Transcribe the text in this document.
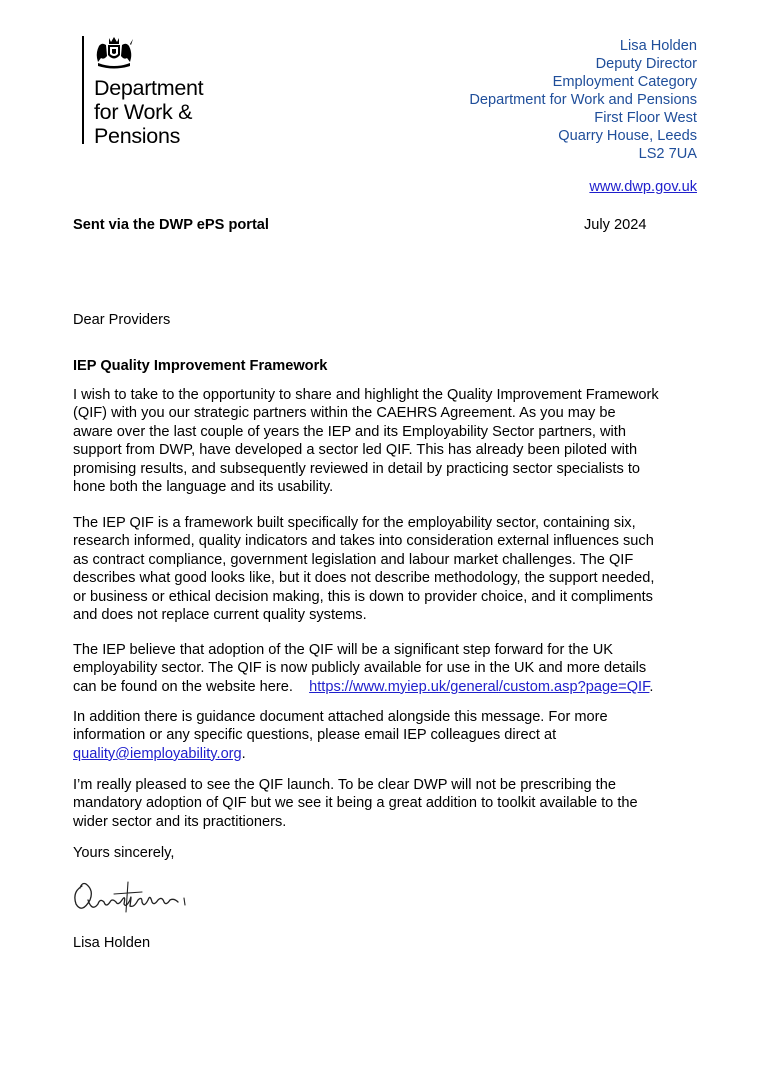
Department
for Work &
Pensions
Lisa Holden
Deputy Director
Employment Category
Department for Work and Pensions
First Floor West
Quarry House, Leeds
LS2 7UA
www.dwp.gov.uk
Sent via the DWP ePS portal	July 2024
Dear Providers
IEP Quality Improvement Framework
I wish to take to the opportunity to share and highlight the Quality Improvement Framework
(QIF) with you our strategic partners within the CAEHRS Agreement. As you may be
aware over the last couple of years the IEP and its Employability Sector partners, with
support from DWP, have developed a sector led QIF. This has already been piloted with
promising results, and subsequently reviewed in detail by practicing sector specialists to
hone both the language and its usability.
The IEP QIF is a framework built specifically for the employability sector, containing six,
research informed, quality indicators and takes into consideration external influences such
as contract compliance, government legislation and labour market challenges. The QIF
describes what good looks like, but it does not describe methodology, the support needed,
or business or ethical decision making, this is down to provider choice, and it compliments
and does not replace current quality systems.
The IEP believe that adoption of the QIF will be a significant step forward for the UK
employability sector. The QIF is now publicly available for use in the UK and more details
can be found on the website here.    https://www.myiep.uk/general/custom.asp?page=QIF.
In addition there is guidance document attached alongside this message. For more
information or any specific questions, please email IEP colleagues direct at
quality@iemployability.org.
I’m really pleased to see the QIF launch. To be clear DWP will not be prescribing the
mandatory adoption of QIF but we see it being a great addition to toolkit available to the
wider sector and its practitioners.
Yours sincerely,
Lisa Holden
